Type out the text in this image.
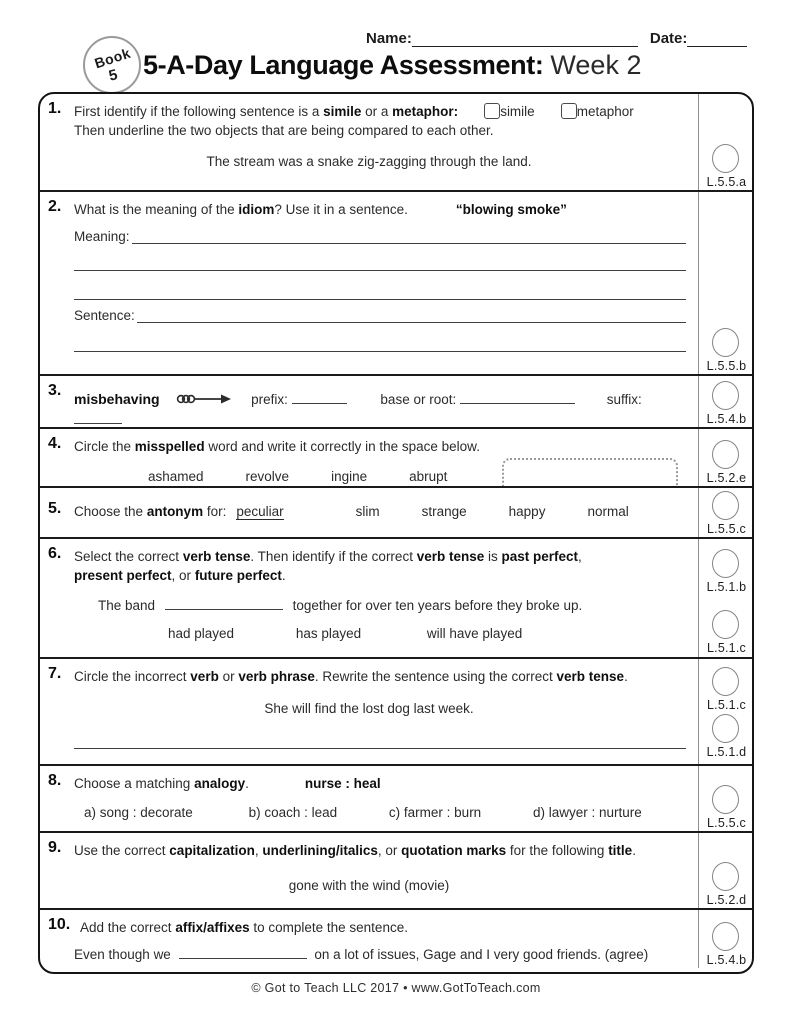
Book
5
Name:	Date:
5-A-Day Language Assessment: Week 2
1. First identify if the following sentence is a simile or a metaphor:	simile	metaphor
Then underline the two objects that are being compared to each other.
The stream was a snake zig-zagging through the land.
L.5.5.a
2. What is the meaning of the idiom? Use it in a sentence.	“blowing smoke”
Meaning:
Sentence:
L.5.5.b
3. misbehaving	prefix:	base or root:	suffix:
L.5.4.b
4. Circle the misspelled word and write it correctly in the space below.
ashamed	revolve	ingine	abrupt	L.5.2.e
5. Choose the antonym for: peculiar	slim	strange	happy	normal
L.5.5.c
6. Select the correct verb tense. Then identify if the correct verb tense is past perfect,
present perfect, or future perfect.
The band	together for over ten years before they broke up.
had played	has played	will have played
L.5.1.b
L.5.1.c
7. Circle the incorrect verb or verb phrase. Rewrite the sentence using the correct verb tense.
She will find the lost dog last week.	L.5.1.c
L.5.1.d
8. Choose a matching analogy.	nurse : heal
a) song : decorate	b) coach : lead	c) farmer : burn	d) lawyer : nurture
L.5.5.c
9. Use the correct capitalization, underlining/italics, or quotation marks for the following title.
gone with the wind (movie)
L.5.2.d
10. Add the correct affix/affixes to complete the sentence.
Even though we	on a lot of issues, Gage and I very good friends. (agree)	L.5.4.b
© Got to Teach LLC 2017 • www.GotToTeach.com
